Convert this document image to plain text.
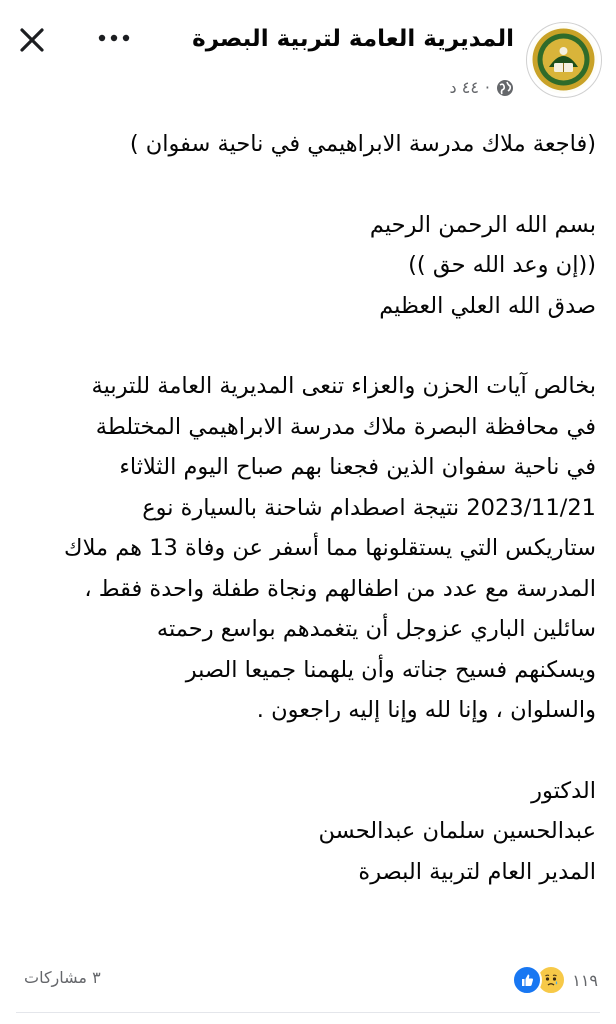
المديرية العامة لتربية البصرة
٤٤ د ·

(فاجعة ملاك مدرسة الابراهيمي في ناحية سفوان )

بسم الله الرحمن الرحيم

((إن وعد الله حق ))

صدق الله العلي العظيم

بخالص آيات الحزن والعزاء تنعى المديرية العامة للتربية

في محافظة البصرة ملاك مدرسة الابراهيمي المختلطة

في ناحية سفوان الذين فجعنا بهم صباح اليوم الثلاثاء

2023/11/21 نتيجة اصطدام شاحنة بالسيارة نوع

ستاريكس التي يستقلونها مما أسفر عن وفاة 13 هم ملاك

المدرسة مع عدد من اطفالهم ونجاة طفلة واحدة فقط ،

سائلين الباري عزوجل أن يتغمدهم بواسع رحمته

ويسكنهم فسيح جناته وأن يلهمنا جميعا الصبر

والسلوان ، وإنا لله وإنا إليه راجعون .

الدكتور

عبدالحسين سلمان عبدالحسن

المدير العام لتربية البصرة

١١٩
٣ مشاركات
